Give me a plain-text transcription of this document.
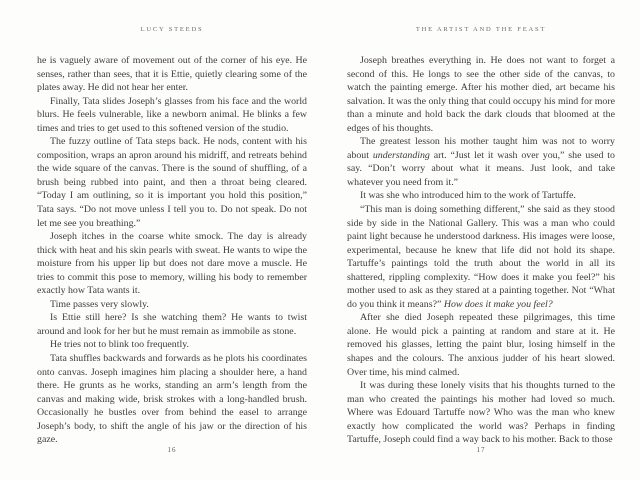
LUCY STEEDS

he is vaguely aware of movement out of the corner of his eye. He senses, rather than sees, that it is Ettie, quietly clearing some of the plates away. He did not hear her enter.

Finally, Tata slides Joseph’s glasses from his face and the world blurs. He feels vulnerable, like a newborn animal. He blinks a few times and tries to get used to this softened version of the studio.

The fuzzy outline of Tata steps back. He nods, content with his composition, wraps an apron around his midriff, and retreats behind the wide square of the canvas. There is the sound of shuffling, of a brush being rubbed into paint, and then a throat being cleared. “Today I am outlining, so it is important you hold this position,” Tata says. “Do not move unless I tell you to. Do not speak. Do not let me see you breathing.”

Joseph itches in the coarse white smock. The day is already thick with heat and his skin pearls with sweat. He wants to wipe the moisture from his upper lip but does not dare move a muscle. He tries to commit this pose to memory, willing his body to remember exactly how Tata wants it.

Time passes very slowly.

Is Ettie still here? Is she watching them? He wants to twist around and look for her but he must remain as immobile as stone.

He tries not to blink too frequently.

Tata shuffles backwards and forwards as he plots his coordinates onto canvas. Joseph imagines him placing a shoulder here, a hand there. He grunts as he works, standing an arm’s length from the canvas and making wide, brisk strokes with a long-handled brush. Occasionally he bustles over from behind the easel to arrange Joseph’s body, to shift the angle of his jaw or the direction of his gaze.

16
THE ARTIST AND THE FEAST

Joseph breathes everything in. He does not want to forget a second of this. He longs to see the other side of the canvas, to watch the painting emerge. After his mother died, art became his salvation. It was the only thing that could occupy his mind for more than a minute and hold back the dark clouds that bloomed at the edges of his thoughts.

The greatest lesson his mother taught him was not to worry about understanding art. “Just let it wash over you,” she used to say. “Don’t worry about what it means. Just look, and take whatever you need from it.”

It was she who introduced him to the work of Tartuffe.

“This man is doing something different,” she said as they stood side by side in the National Gallery. This was a man who could paint light because he understood darkness. His images were loose, experimental, because he knew that life did not hold its shape. Tartuffe’s paintings told the truth about the world in all its shattered, rippling complexity. “How does it make you feel?” his mother used to ask as they stared at a painting together. Not “What do you think it means?” How does it make you feel?

After she died Joseph repeated these pilgrimages, this time alone. He would pick a painting at random and stare at it. He removed his glasses, letting the paint blur, losing himself in the shapes and the colours. The anxious judder of his heart slowed. Over time, his mind calmed.

It was during these lonely visits that his thoughts turned to the man who created the paintings his mother had loved so much. Where was Edouard Tartuffe now? Who was the man who knew exactly how complicated the world was? Perhaps in finding Tartuffe, Joseph could find a way back to his mother. Back to those

17
